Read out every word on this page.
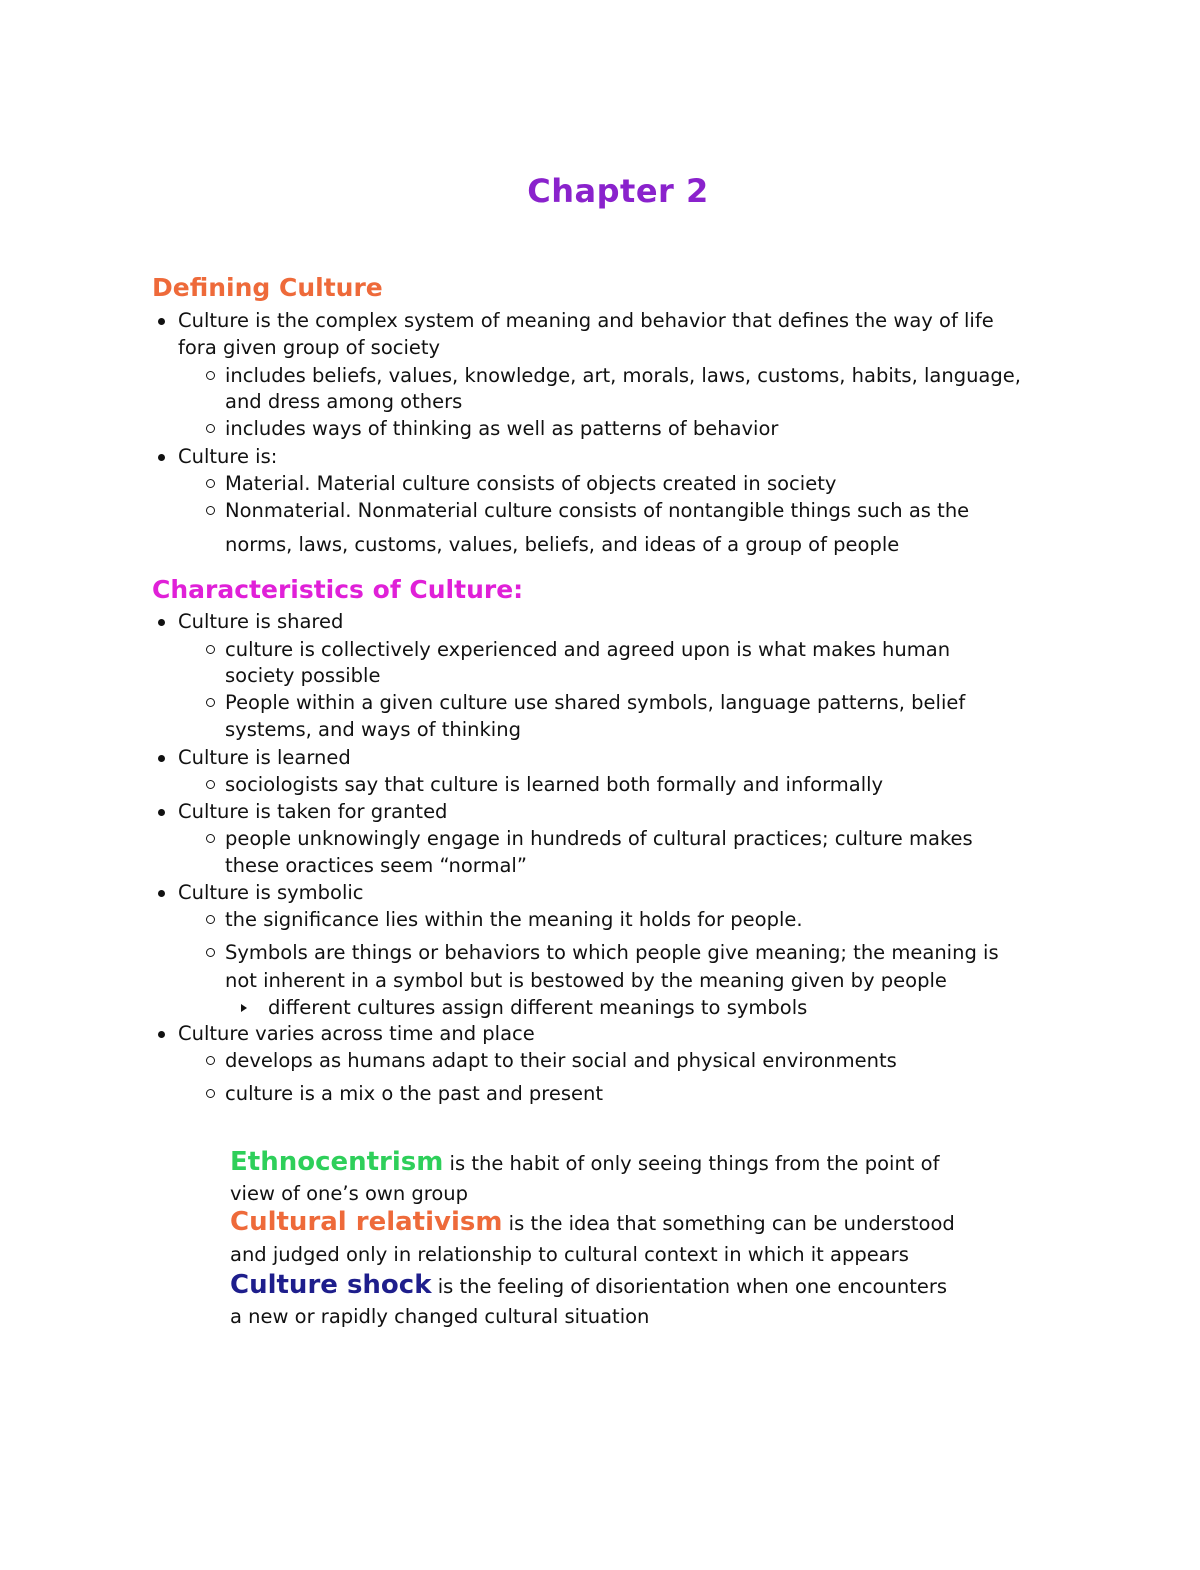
Chapter 2
Defining Culture
Culture is the complex system of meaning and behavior that defines the way of life
fora given group of society
includes beliefs, values, knowledge, art, morals, laws, customs, habits, language,
and dress among others
includes ways of thinking as well as patterns of behavior
Culture is:
Material. Material culture consists of objects created in society
Nonmaterial. Nonmaterial culture consists of nontangible things such as the
norms, laws, customs, values, beliefs, and ideas of a group of people
Characteristics of Culture:
Culture is shared
culture is collectively experienced and agreed upon is what makes human
society possible
People within a given culture use shared symbols, language patterns, belief
systems, and ways of thinking
Culture is learned
sociologists say that culture is learned both formally and informally
Culture is taken for granted
people unknowingly engage in hundreds of cultural practices; culture makes
these oractices seem “normal”
Culture is symbolic
the significance lies within the meaning it holds for people.
Symbols are things or behaviors to which people give meaning; the meaning is
not inherent in a symbol but is bestowed by the meaning given by people
different cultures assign different meanings to symbols
Culture varies across time and place
develops as humans adapt to their social and physical environments
culture is a mix o the past and present
Ethnocentrism is the habit of only seeing things from the point of
view of one’s own group
Cultural relativism is the idea that something can be understood
and judged only in relationship to cultural context in which it appears
Culture shock is the feeling of disorientation when one encounters
a new or rapidly changed cultural situation
